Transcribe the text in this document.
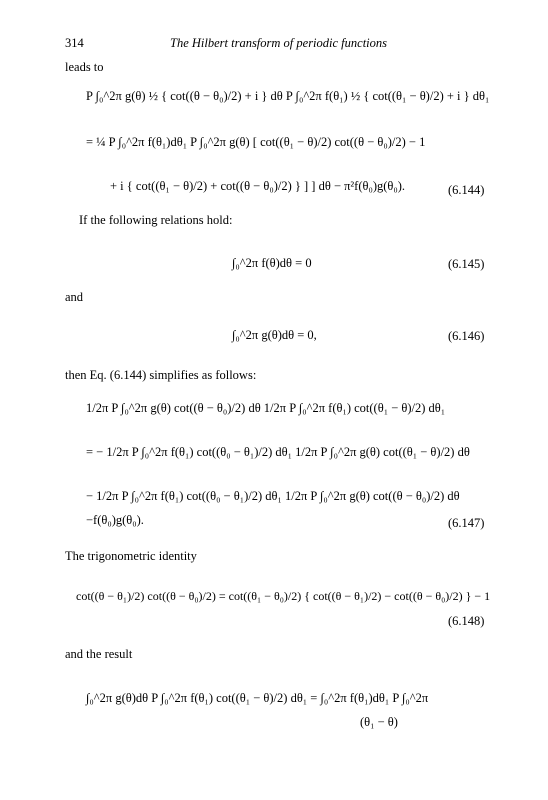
314	The Hilbert transform of periodic functions
leads to
P ∫₀^2π g(θ) ½ { cot((θ − θ₀)/2) + i } dθ P ∫₀^2π f(θ₁) ½ { cot((θ₁ − θ)/2) + i } dθ₁
= ¼ P ∫₀^2π f(θ₁)dθ₁ P ∫₀^2π g(θ) [ cot((θ₁ − θ)/2) cot((θ − θ₀)/2) − 1
+ i { cot((θ₁ − θ)/2) + cot((θ − θ₀)/2) } ] ] dθ − π²f(θ₀)g(θ₀).	(6.144)
If the following relations hold:
∫₀^2π f(θ)dθ = 0	(6.145)
and
∫₀^2π g(θ)dθ = 0,	(6.146)
then Eq. (6.144) simplifies as follows:
1/2π P ∫₀^2π g(θ) cot((θ − θ₀)/2) dθ 1/2π P ∫₀^2π f(θ₁) cot((θ₁ − θ)/2) dθ₁
= − 1/2π P ∫₀^2π f(θ₁) cot((θ₀ − θ₁)/2) dθ₁ 1/2π P ∫₀^2π g(θ) cot((θ₁ − θ)/2) dθ
− 1/2π P ∫₀^2π f(θ₁) cot((θ₀ − θ₁)/2) dθ₁ 1/2π P ∫₀^2π g(θ) cot((θ − θ₀)/2) dθ
−f(θ₀)g(θ₀).	(6.147)
The trigonometric identity
cot((θ − θ₁)/2) cot((θ − θ₀)/2) = cot((θ₁ − θ₀)/2) { cot((θ − θ₁)/2) − cot((θ − θ₀)/2) } − 1
(6.148)
and the result
∫₀^2π g(θ)dθ P ∫₀^2π f(θ₁) cot((θ₁ − θ)/2) dθ₁ = ∫₀^2π f(θ₁)dθ₁ P ∫₀^2π
(θ₁ − θ)
